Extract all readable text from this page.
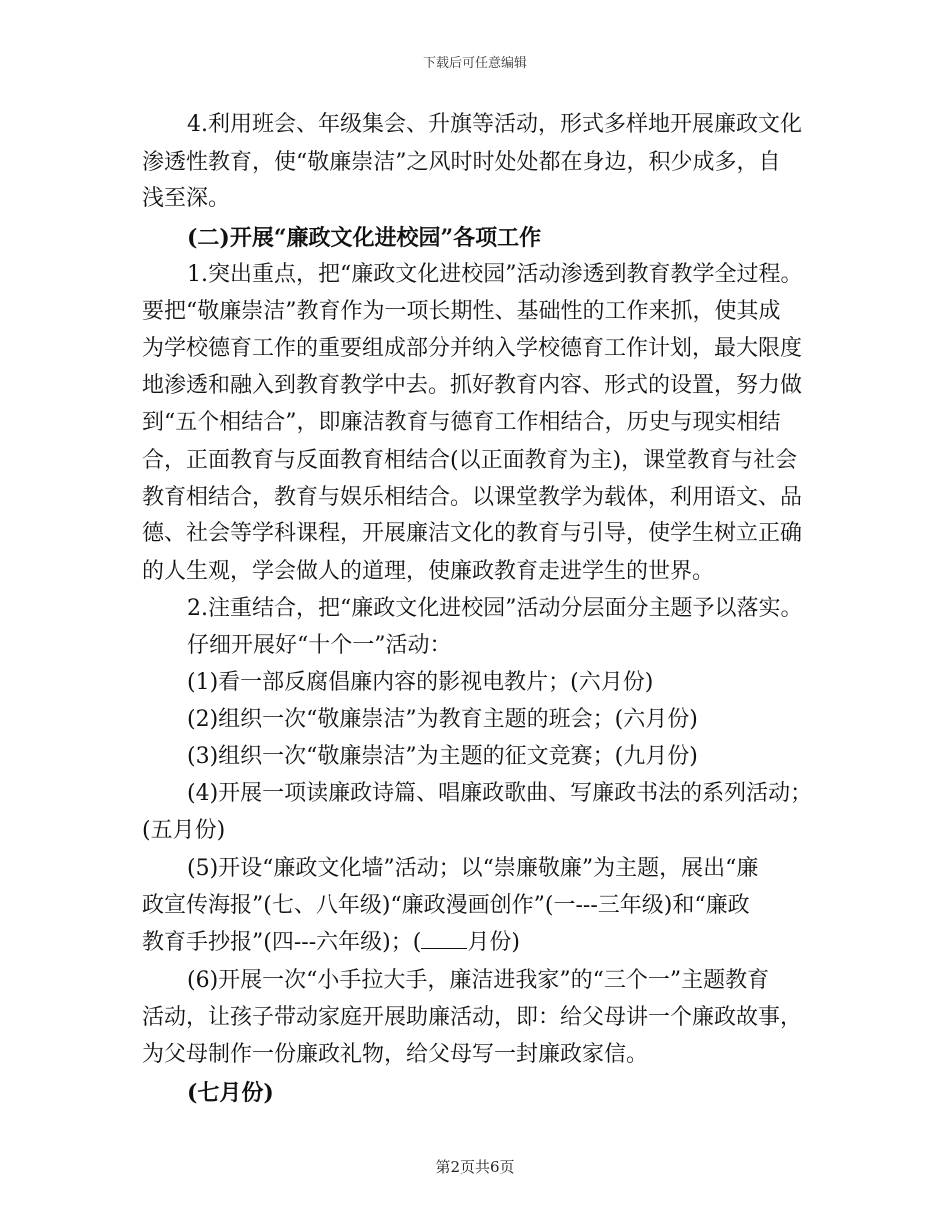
下载后可任意编辑
4.利用班会、年级集会、升旗等活动，形式多样地开展廉政文化
渗透性教育，使“敬廉崇洁”之风时时处处都在身边，积少成多，自
浅至深。
(二)开展“廉政文化进校园”各项工作
1.突出重点，把“廉政文化进校园”活动渗透到教育教学全过程。
要把“敬廉崇洁”教育作为一项长期性、基础性的工作来抓，使其成
为学校德育工作的重要组成部分并纳入学校德育工作计划，最大限度
地渗透和融入到教育教学中去。抓好教育内容、形式的设置，努力做
到“五个相结合”，即廉洁教育与德育工作相结合，历史与现实相结
合，正面教育与反面教育相结合(以正面教育为主)，课堂教育与社会
教育相结合，教育与娱乐相结合。以课堂教学为载体，利用语文、品
德、社会等学科课程，开展廉洁文化的教育与引导，使学生树立正确
的人生观，学会做人的道理，使廉政教育走进学生的世界。
2.注重结合，把“廉政文化进校园”活动分层面分主题予以落实。
仔细开展好“十个一”活动：
(1)看一部反腐倡廉内容的影视电教片；(六月份)
(2)组织一次“敬廉崇洁”为教育主题的班会；(六月份)
(3)组织一次“敬廉崇洁”为主题的征文竞赛；(九月份)
(4)开展一项读廉政诗篇、唱廉政歌曲、写廉政书法的系列活动；
(五月份)
(5)开设“廉政文化墙”活动；以“崇廉敬廉”为主题，展出“廉
政宣传海报”(七、八年级)“廉政漫画创作”(一---三年级)和“廉政
教育手抄报”(四---六年级)；( 月份)
(6)开展一次“小手拉大手，廉洁进我家”的“三个一”主题教育
活动，让孩子带动家庭开展助廉活动，即：给父母讲一个廉政故事，
为父母制作一份廉政礼物，给父母写一封廉政家信。
(七月份)
第2页共6页
